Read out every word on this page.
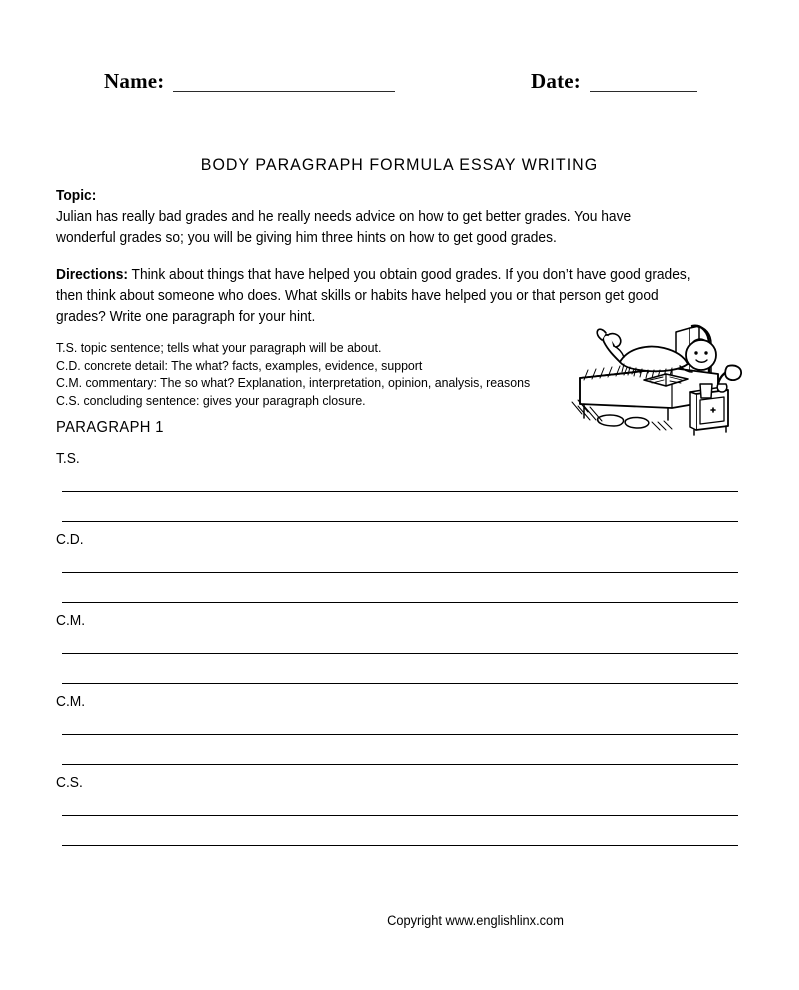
Name:	Date:
BODY PARAGRAPH FORMULA ESSAY WRITING
Topic:

Julian has really bad grades and he really needs advice on how to get better grades. You have wonderful grades so; you will be giving him three hints on how to get good grades.

Directions: Think about things that have helped you obtain good grades. If you don’t have good grades, then think about someone who does. What skills or habits have helped you or that person get good grades? Write one paragraph for your hint.

T.S. topic sentence; tells what your paragraph will be about.
C.D. concrete detail: The what? facts, examples, evidence, support
C.M. commentary: The so what? Explanation, interpretation, opinion, analysis, reasons
C.S. concluding sentence: gives your paragraph closure.
PARAGRAPH 1
T.S.
C.D.
C.M.
C.M.
C.S.
Copyright www.englishlinx.com
